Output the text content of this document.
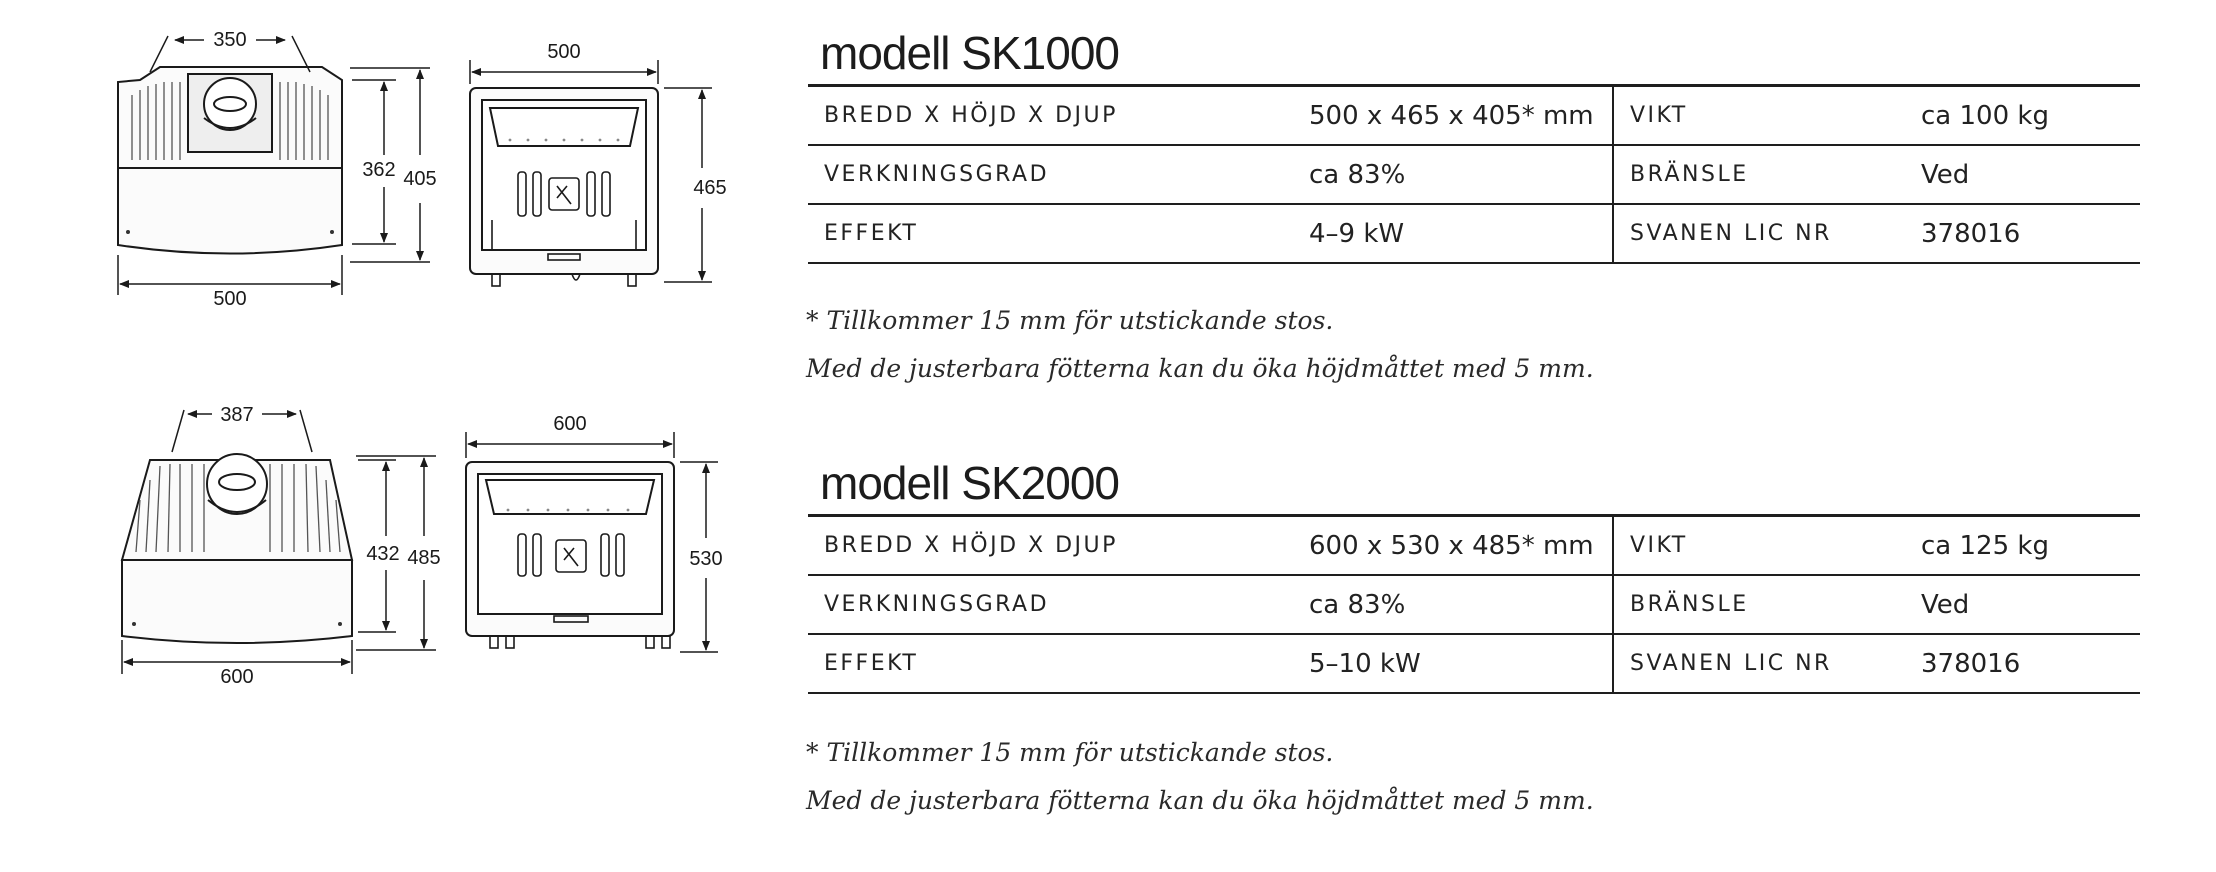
350
362 405
500
500
465
387
432 485
600
600
530
modell SK1000
BREDD X HÖJD X DJUP	500 x 465 x 405* mm	VIKT	ca 100 kg
VERKNINGSGRAD	ca 83%	BRÄNSLE	Ved
EFFEKT	4–9 kW	SVANEN LIC NR	378016
* Tillkommer 15 mm för utstickande stos.
Med de justerbara fötterna kan du öka höjdmåttet med 5 mm.
modell SK2000
BREDD X HÖJD X DJUP	600 x 530 x 485* mm	VIKT	ca 125 kg
VERKNINGSGRAD	ca 83%	BRÄNSLE	Ved
EFFEKT	5–10 kW	SVANEN LIC NR	378016
* Tillkommer 15 mm för utstickande stos.
Med de justerbara fötterna kan du öka höjdmåttet med 5 mm.
